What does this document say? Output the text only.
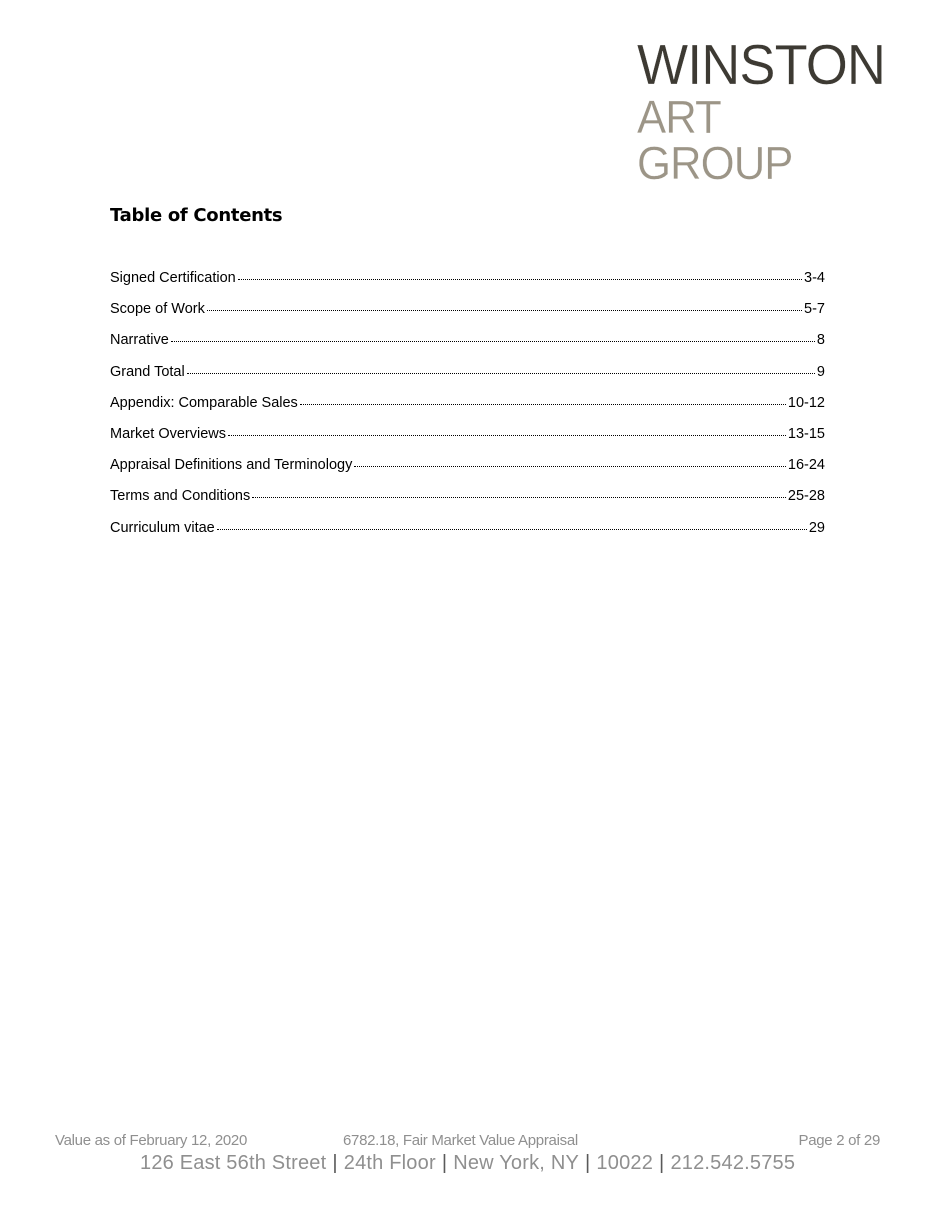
WINSTON
ART GROUP
Table of Contents
Signed Certification	3-4
Scope of Work	5-7
Narrative	8
Grand Total	9
Appendix: Comparable Sales	10-12
Market Overviews	13-15
Appraisal Definitions and Terminology	16-24
Terms and Conditions	25-28
Curriculum vitae	29
Value as of February 12, 2020	6782.18, Fair Market Value Appraisal	Page 2 of 29
126 East 56th Street | 24th Floor | New York, NY | 10022 | 212.542.5755
